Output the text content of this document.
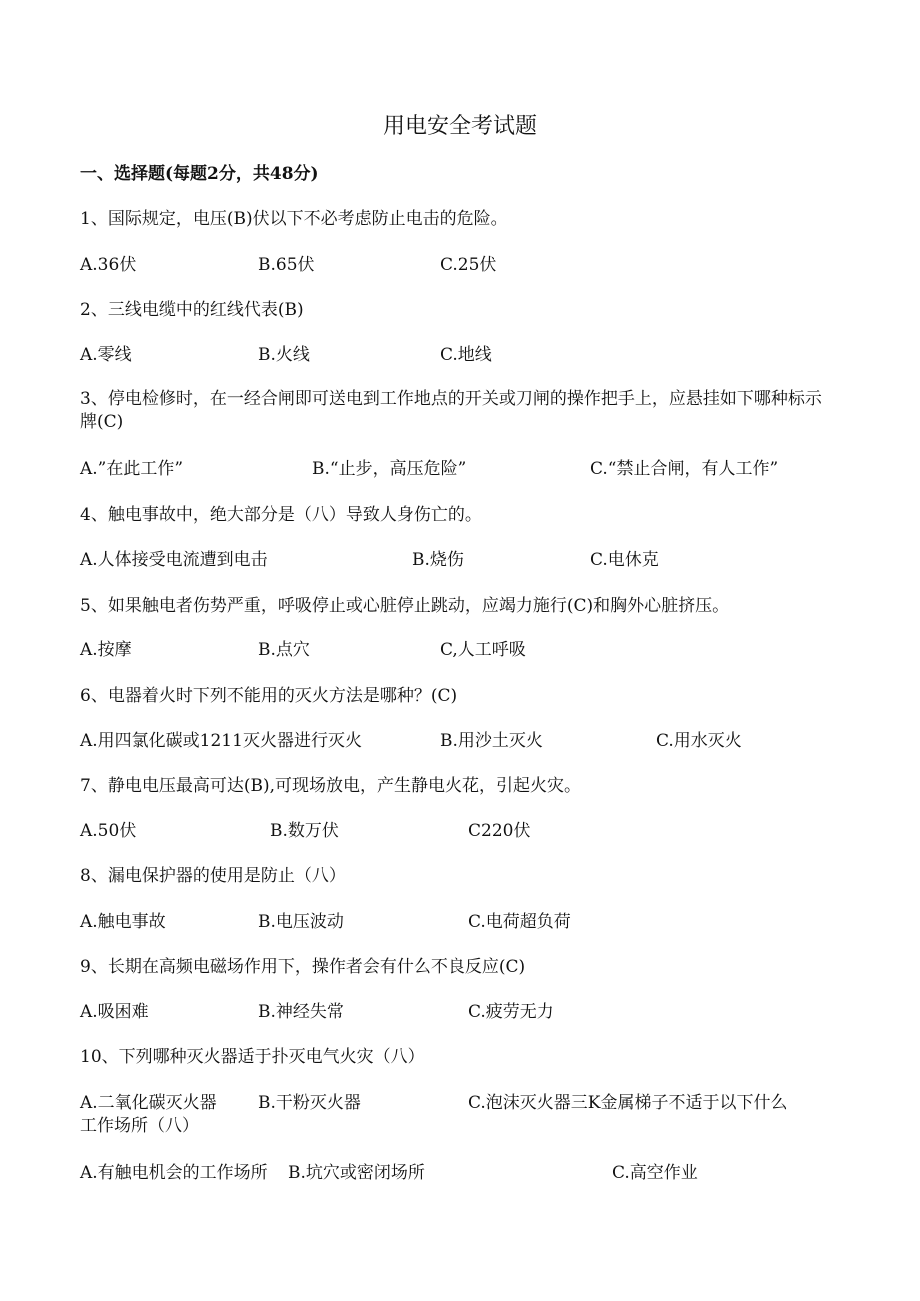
用电安全考试题
一、选择题(每题2分，共48分)
1、国际规定，电压(B)伏以下不必考虑防止电击的危险。
A.36伏	B.65伏	C.25伏
2、三线电缆中的红线代表(B)
A.零线	B.火线	C.地线
3、停电检修时，在一经合闸即可送电到工作地点的开关或刀闸的操作把手上，应悬挂如下哪种标示牌(C)
A.”在此工作”	B.“止步，高压危险”	C.“禁止合闸，有人工作”
4、触电事故中，绝大部分是（八）导致人身伤亡的。
A.人体接受电流遭到电击	B.烧伤	C.电休克
5、如果触电者伤势严重，呼吸停止或心脏停止跳动，应竭力施行(C)和胸外心脏挤压。
A.按摩	B.点穴	C,人工呼吸
6、电器着火时下列不能用的灭火方法是哪种？(C)
A.用四氯化碳或1211灭火器进行灭火	B.用沙土灭火	C.用水灭火
7、静电电压最高可达(B),可现场放电，产生静电火花，引起火灾。
A.50伏	B.数万伏	C220伏
8、漏电保护器的使用是防止（八）
A.触电事故	B.电压波动	C.电荷超负荷
9、长期在高频电磁场作用下，操作者会有什么不良反应(C)
A.吸困难	B.神经失常	C.疲劳无力
10、下列哪种灭火器适于扑灭电气火灾（八）
A.二氧化碳灭火器 B.干粉灭火器	C.泡沫灭火器三K金属梯子不适于以下什么
工作场所（八）
A.有触电机会的工作场所 B.坑穴或密闭场所	C.高空作业
